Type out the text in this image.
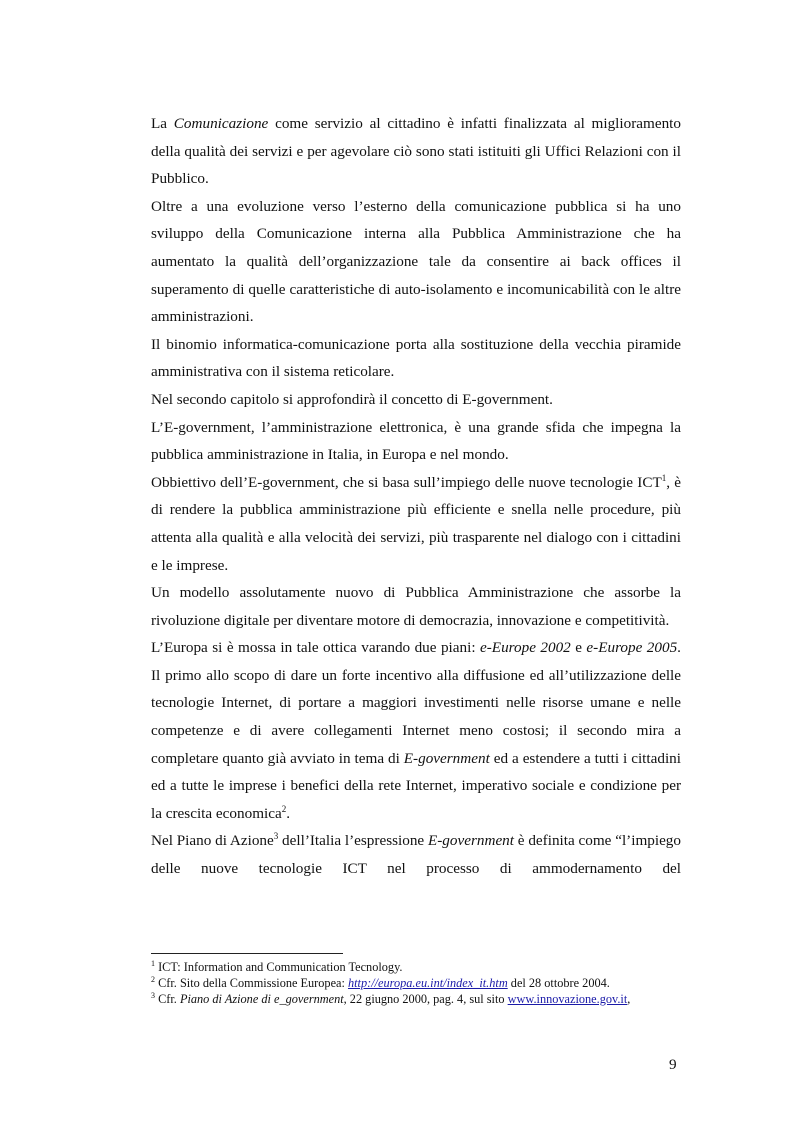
La Comunicazione come servizio al cittadino è infatti finalizzata al miglioramento della qualità dei servizi e per agevolare ciò sono stati istituiti gli Uffici Relazioni con il Pubblico.

Oltre a una evoluzione verso l’esterno della comunicazione pubblica si ha uno sviluppo della Comunicazione interna alla Pubblica Amministrazione che ha aumentato la qualità dell’organizzazione tale da consentire ai back offices il superamento di quelle caratteristiche di auto-isolamento e incomunicabilità con le altre amministrazioni.

Il binomio informatica-comunicazione porta alla sostituzione della vecchia piramide amministrativa con il sistema reticolare.

Nel secondo capitolo si approfondirà il concetto di E-government.

L’E-government, l’amministrazione elettronica, è una grande sfida che impegna la pubblica amministrazione in Italia, in Europa e nel mondo.

Obbiettivo dell’E-government, che si basa sull’impiego delle nuove tecnologie ICT$^1$, è di rendere la pubblica amministrazione più efficiente e snella nelle procedure, più attenta alla qualità e alla velocità dei servizi, più trasparente nel dialogo con i cittadini e le imprese.

Un modello assolutamente nuovo di Pubblica Amministrazione che assorbe la rivoluzione digitale per diventare motore di democrazia, innovazione e competitività.

L’Europa si è mossa in tale ottica varando due piani: e-Europe 2002 e e-Europe 2005. Il primo allo scopo di dare un forte incentivo alla diffusione ed all’utilizzazione delle tecnologie Internet, di portare a maggiori investimenti nelle risorse umane e nelle competenze e di avere collegamenti Internet meno costosi; il secondo mira a completare quanto già avviato in tema di E-government ed a estendere a tutti i cittadini ed a tutte le imprese i benefici della rete Internet, imperativo sociale e condizione per la crescita economica$^2$.

Nel Piano di Azione$^3$ dell’Italia l’espressione E-government è definita come “l’impiego delle nuove tecnologie ICT nel processo di ammodernamento del

$^1$ ICT: Information and Communication Tecnology.

$^2$ Cfr. Sito della Commissione Europea: http://europa.eu.int/index_it.htm del 28 ottobre 2004.

$^3$ Cfr. Piano di Azione di e_government, 22 giugno 2000, pag. 4, sul sito www.innovazione.gov.it,

9
